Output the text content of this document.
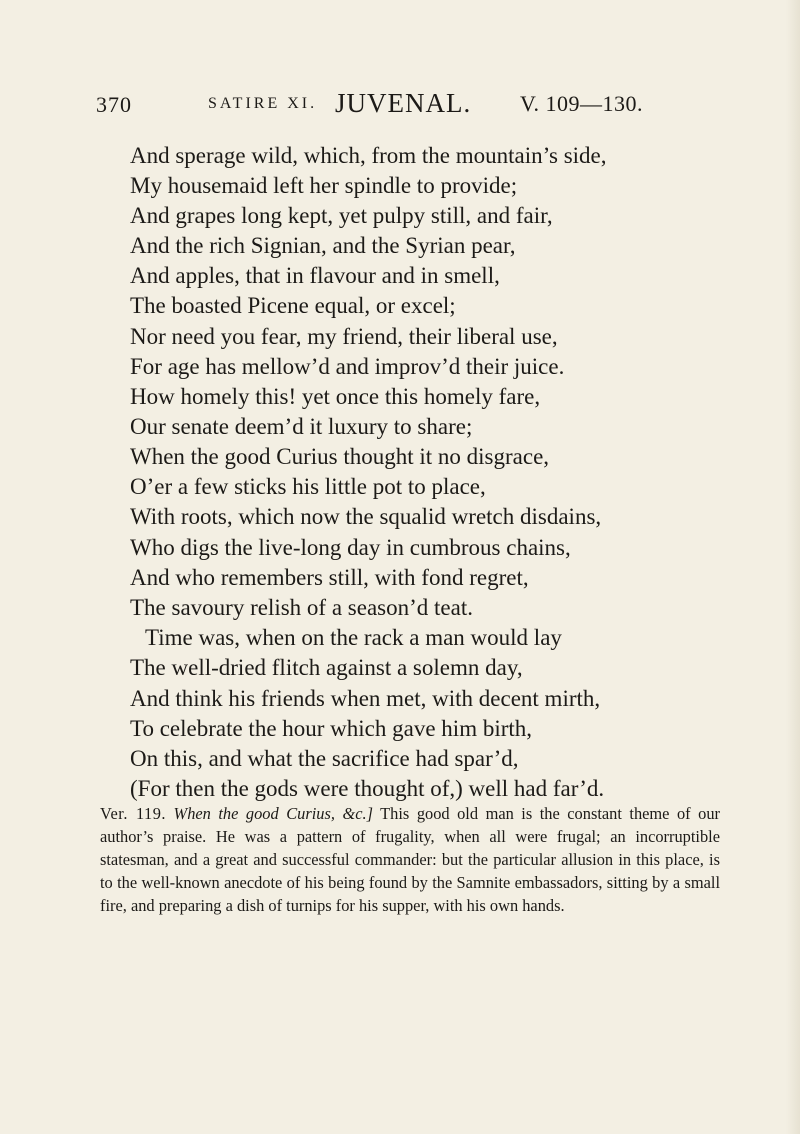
370	SATIRE XI. JUVENAL. V. 109—130.
And sperage wild, which, from the mountain’s side,
My housemaid left her spindle to provide;
And grapes long kept, yet pulpy still, and fair,
And the rich Signian, and the Syrian pear,
And apples, that in flavour and in smell,
The boasted Picene equal, or excel;
Nor need you fear, my friend, their liberal use,
For age has mellow’d and improv’d their juice.
How homely this! yet once this homely fare,
Our senate deem’d it luxury to share;
When the good Curius thought it no disgrace,
O’er a few sticks his little pot to place,
With roots, which now the squalid wretch disdains,
Who digs the live-long day in cumbrous chains,
And who remembers still, with fond regret,
The savoury relish of a season’d teat.
Time was, when on the rack a man would lay
The well-dried flitch against a solemn day,
And think his friends when met, with decent mirth,
To celebrate the hour which gave him birth,
On this, and what the sacrifice had spar’d,
(For then the gods were thought of,) well had far’d.
Ver. 119. When the good Curius, &c.] This good old man is the constant theme of our author’s praise. He was a pattern of frugality, when all were frugal; an incorruptible statesman, and a great and successful commander: but the particular allusion in this place, is to the well-known anecdote of his being found by the Samnite embassadors, sitting by a small fire, and preparing a dish of turnips for his supper, with his own hands.
